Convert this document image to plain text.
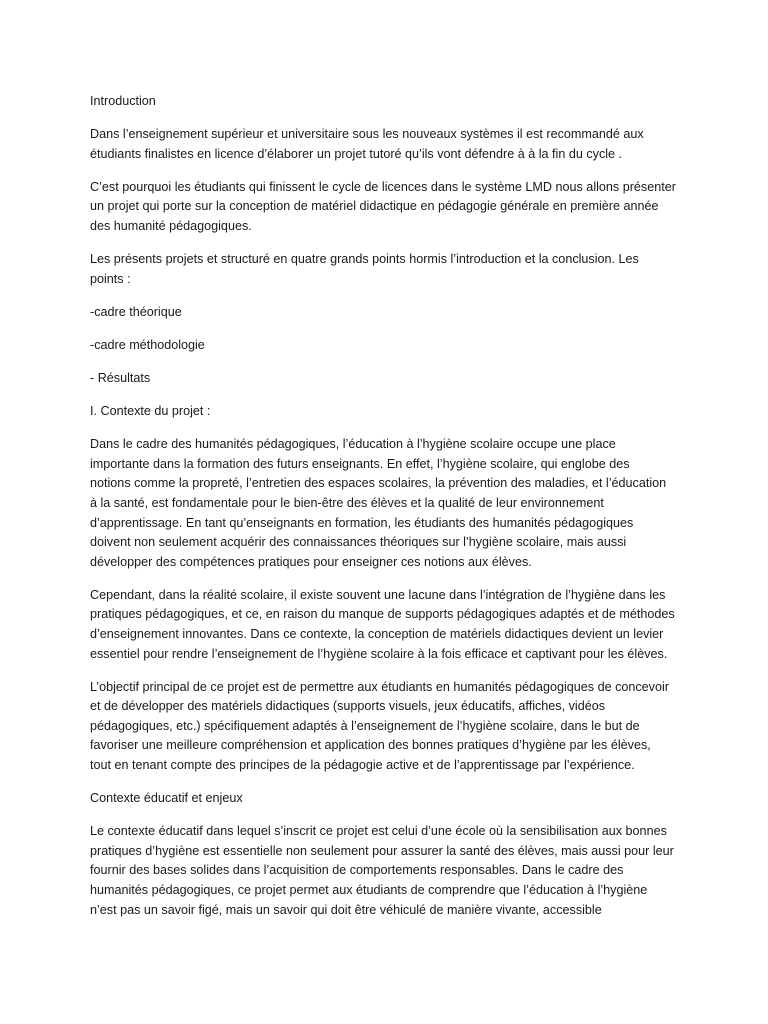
Introduction

Dans l’enseignement supérieur et universitaire sous les nouveaux systèmes il est recommandé aux
étudiants finalistes en licence d’élaborer un projet tutoré qu’ils vont défendre à à la fin du cycle .

C’est pourquoi les étudiants qui finissent le cycle de licences dans le système LMD nous allons présenter
un projet qui porte sur la conception de matériel didactique en pédagogie générale en première année
des humanité pédagogiques.

Les présents projets et structuré en quatre grands points hormis l’introduction et la conclusion. Les
points :

-cadre théorique

-cadre méthodologie

- Résultats

I. Contexte du projet :

Dans le cadre des humanités pédagogiques, l’éducation à l’hygiène scolaire occupe une place
importante dans la formation des futurs enseignants. En effet, l’hygiène scolaire, qui englobe des
notions comme la propreté, l’entretien des espaces scolaires, la prévention des maladies, et l’éducation
à la santé, est fondamentale pour le bien-être des élèves et la qualité de leur environnement
d’apprentissage. En tant qu’enseignants en formation, les étudiants des humanités pédagogiques
doivent non seulement acquérir des connaissances théoriques sur l’hygiène scolaire, mais aussi
développer des compétences pratiques pour enseigner ces notions aux élèves.

Cependant, dans la réalité scolaire, il existe souvent une lacune dans l’intégration de l’hygiène dans les
pratiques pédagogiques, et ce, en raison du manque de supports pédagogiques adaptés et de méthodes
d’enseignement innovantes. Dans ce contexte, la conception de matériels didactiques devient un levier
essentiel pour rendre l’enseignement de l’hygiène scolaire à la fois efficace et captivant pour les élèves.

L’objectif principal de ce projet est de permettre aux étudiants en humanités pédagogiques de concevoir
et de développer des matériels didactiques (supports visuels, jeux éducatifs, affiches, vidéos
pédagogiques, etc.) spécifiquement adaptés à l’enseignement de l’hygiène scolaire, dans le but de
favoriser une meilleure compréhension et application des bonnes pratiques d’hygiène par les élèves,
tout en tenant compte des principes de la pédagogie active et de l’apprentissage par l’expérience.

Contexte éducatif et enjeux

Le contexte éducatif dans lequel s’inscrit ce projet est celui d’une école où la sensibilisation aux bonnes
pratiques d’hygiène est essentielle non seulement pour assurer la santé des élèves, mais aussi pour leur
fournir des bases solides dans l’acquisition de comportements responsables. Dans le cadre des
humanités pédagogiques, ce projet permet aux étudiants de comprendre que l’éducation à l’hygiène
n’est pas un savoir figé, mais un savoir qui doit être véhiculé de manière vivante, accessible
